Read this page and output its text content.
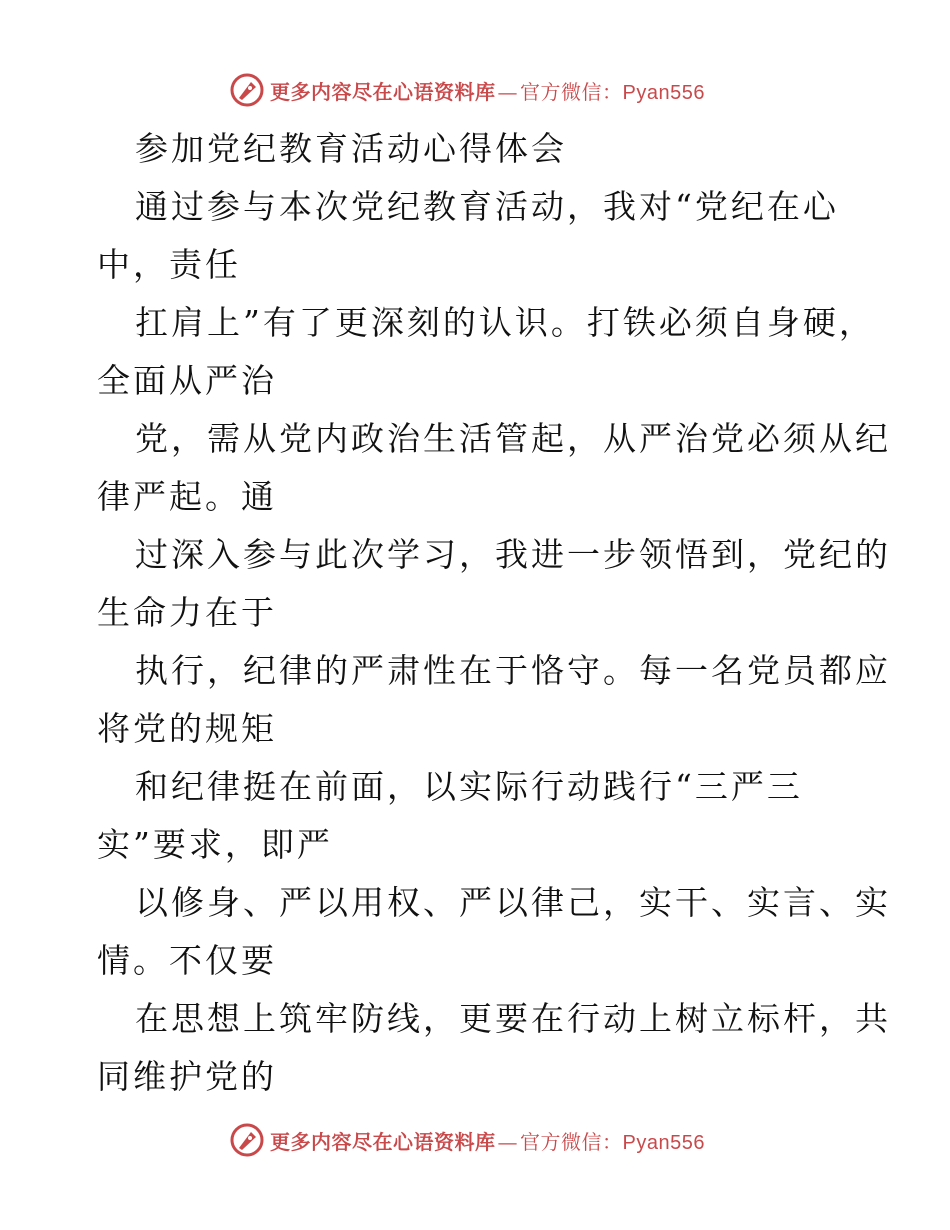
更多内容尽在心语资料库 — 官方微信：Pyan556
参加党纪教育活动心得体会
通过参与本次党纪教育活动，我对“党纪在心
中，责任
扛肩上”有了更深刻的认识。打铁必须自身硬，
全面从严治
党，需从党内政治生活管起，从严治党必须从纪
律严起。通
过深入参与此次学习，我进一步领悟到，党纪的
生命力在于
执行，纪律的严肃性在于恪守。每一名党员都应
将党的规矩
和纪律挺在前面，以实际行动践行“三严三
实”要求，即严
以修身、严以用权、严以律己，实干、实言、实
情。不仅要
在思想上筑牢防线，更要在行动上树立标杆，共
同维护党的
更多内容尽在心语资料库 — 官方微信：Pyan556
